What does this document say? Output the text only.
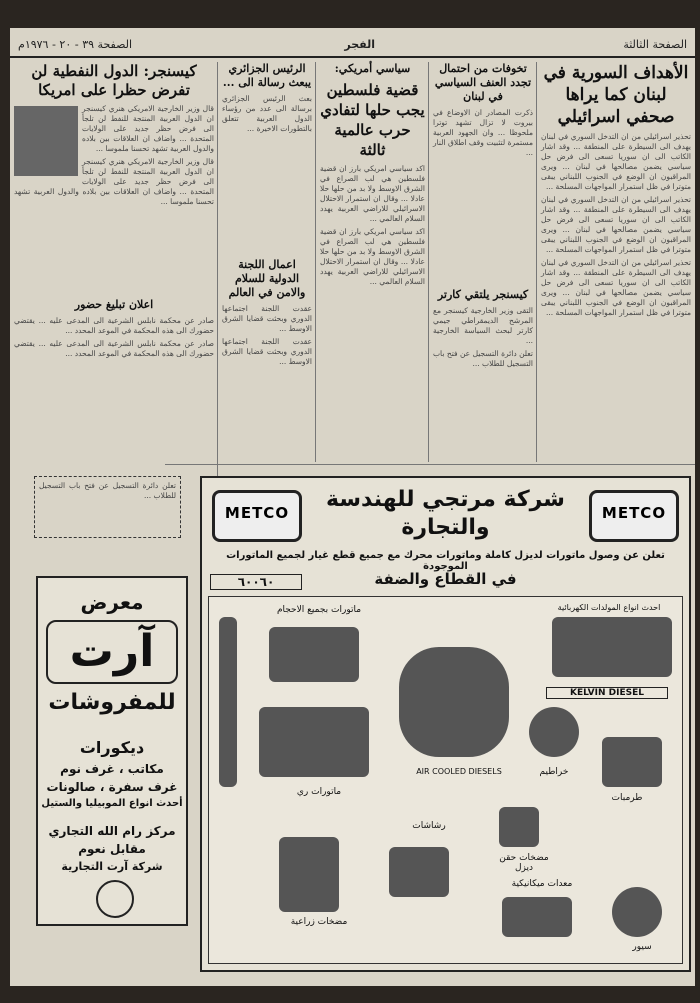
الصفحة الثالثة
الفجر
الصفحة ٣٩ - ٢٠ - ١٩٧٦م
الأهداف السورية في لبنان كما يراها صحفي اسرائيلي

تحذير اسرائيلي من ان التدخل السوري في لبنان يهدف الى السيطرة على المنطقة ... وقد اشار الكاتب الى ان سوريا تسعى الى فرض حل سياسي يضمن مصالحها في لبنان ... ويرى المراقبون ان الوضع في الجنوب اللبناني يبقى متوترا في ظل استمرار المواجهات المسلحة ...

تحذير اسرائيلي من ان التدخل السوري في لبنان يهدف الى السيطرة على المنطقة ... وقد اشار الكاتب الى ان سوريا تسعى الى فرض حل سياسي يضمن مصالحها في لبنان ... ويرى المراقبون ان الوضع في الجنوب اللبناني يبقى متوترا في ظل استمرار المواجهات المسلحة ...

تحذير اسرائيلي من ان التدخل السوري في لبنان يهدف الى السيطرة على المنطقة ... وقد اشار الكاتب الى ان سوريا تسعى الى فرض حل سياسي يضمن مصالحها في لبنان ... ويرى المراقبون ان الوضع في الجنوب اللبناني يبقى متوترا في ظل استمرار المواجهات المسلحة ...

تخوفات من احتمال تجدد العنف السياسي في لبنان

ذكرت المصادر ان الاوضاع في بيروت لا تزال تشهد توترا ملحوظا ... وان الجهود العربية مستمرة لتثبيت وقف اطلاق النار ...

كيسنجر يلتقي كارتر

التقى وزير الخارجية كيسنجر مع المرشح الديمقراطي جيمي كارتر لبحث السياسة الخارجية ...

تعلن دائرة التسجيل عن فتح باب التسجيل للطلاب ...

سياسي أمريكي:
قضية فلسطين يجب حلها لتفادي حرب عالمية ثالثة

اكد سياسي امريكي بارز ان قضية فلسطين هي لب الصراع في الشرق الاوسط ولا بد من حلها حلا عادلا ... وقال ان استمرار الاحتلال الاسرائيلي للاراضي العربية يهدد السلام العالمي ...

اكد سياسي امريكي بارز ان قضية فلسطين هي لب الصراع في الشرق الاوسط ولا بد من حلها حلا عادلا ... وقال ان استمرار الاحتلال الاسرائيلي للاراضي العربية يهدد السلام العالمي ...

الرئيس الجزائري يبعث رسالة الى ...

بعث الرئيس الجزائري برسالة الى عدد من رؤساء الدول العربية تتعلق بالتطورات الاخيرة ...

اعمال اللجنة الدولية للسلام والامن في العالم

عقدت اللجنة اجتماعها الدوري وبحثت قضايا الشرق الاوسط ...

عقدت اللجنة اجتماعها الدوري وبحثت قضايا الشرق الاوسط ...

كيسنجر: الدول النفطية لن تفرض حظرا على امريكا

قال وزير الخارجية الامريكي هنري كيسنجر ان الدول العربية المنتجة للنفط لن تلجأ الى فرض حظر جديد على الولايات المتحدة ... واضاف ان العلاقات بين بلاده والدول العربية تشهد تحسنا ملموسا ...

قال وزير الخارجية الامريكي هنري كيسنجر ان الدول العربية المنتجة للنفط لن تلجأ الى فرض حظر جديد على الولايات المتحدة ... واضاف ان العلاقات بين بلاده والدول العربية تشهد تحسنا ملموسا ...

اعلان تبليغ حضور

صادر عن محكمة نابلس الشرعية الى المدعى عليه ... يقتضي حضورك الى هذه المحكمة في الموعد المحدد ...

صادر عن محكمة نابلس الشرعية الى المدعى عليه ... يقتضي حضورك الى هذه المحكمة في الموعد المحدد ...

تعلن دائرة التسجيل عن فتح باب التسجيل للطلاب ...

معرض
آرت
للمفروشات
ديكورات
مكاتب ، غرف نوم
غرف سفرة ، صالونات
أحدث انواع الموبيليا والستيل
مركز رام الله التجاري
مقابل نعوم
شركة آرت التجارية
METCO	METCO
شركة مرتجي للهندسة والتجارة
تعلن عن وصول ماتورات لديزل كاملة وماتورات محرك مع جميع قطع غيار لجميع الماتورات الموجودة
في القطاع والضفة
٦٠٠٦٠
ماتورات بجميع الاحجام	احدث انواع المولدات الكهربائية
KELVIN DIESEL
AIR COOLED DIESELS
ماتورات ري
خراطيم
طرمبات
رشاشات
مضخات حقن ديزل
مضخات زراعية
معدات ميكانيكية
سيور
